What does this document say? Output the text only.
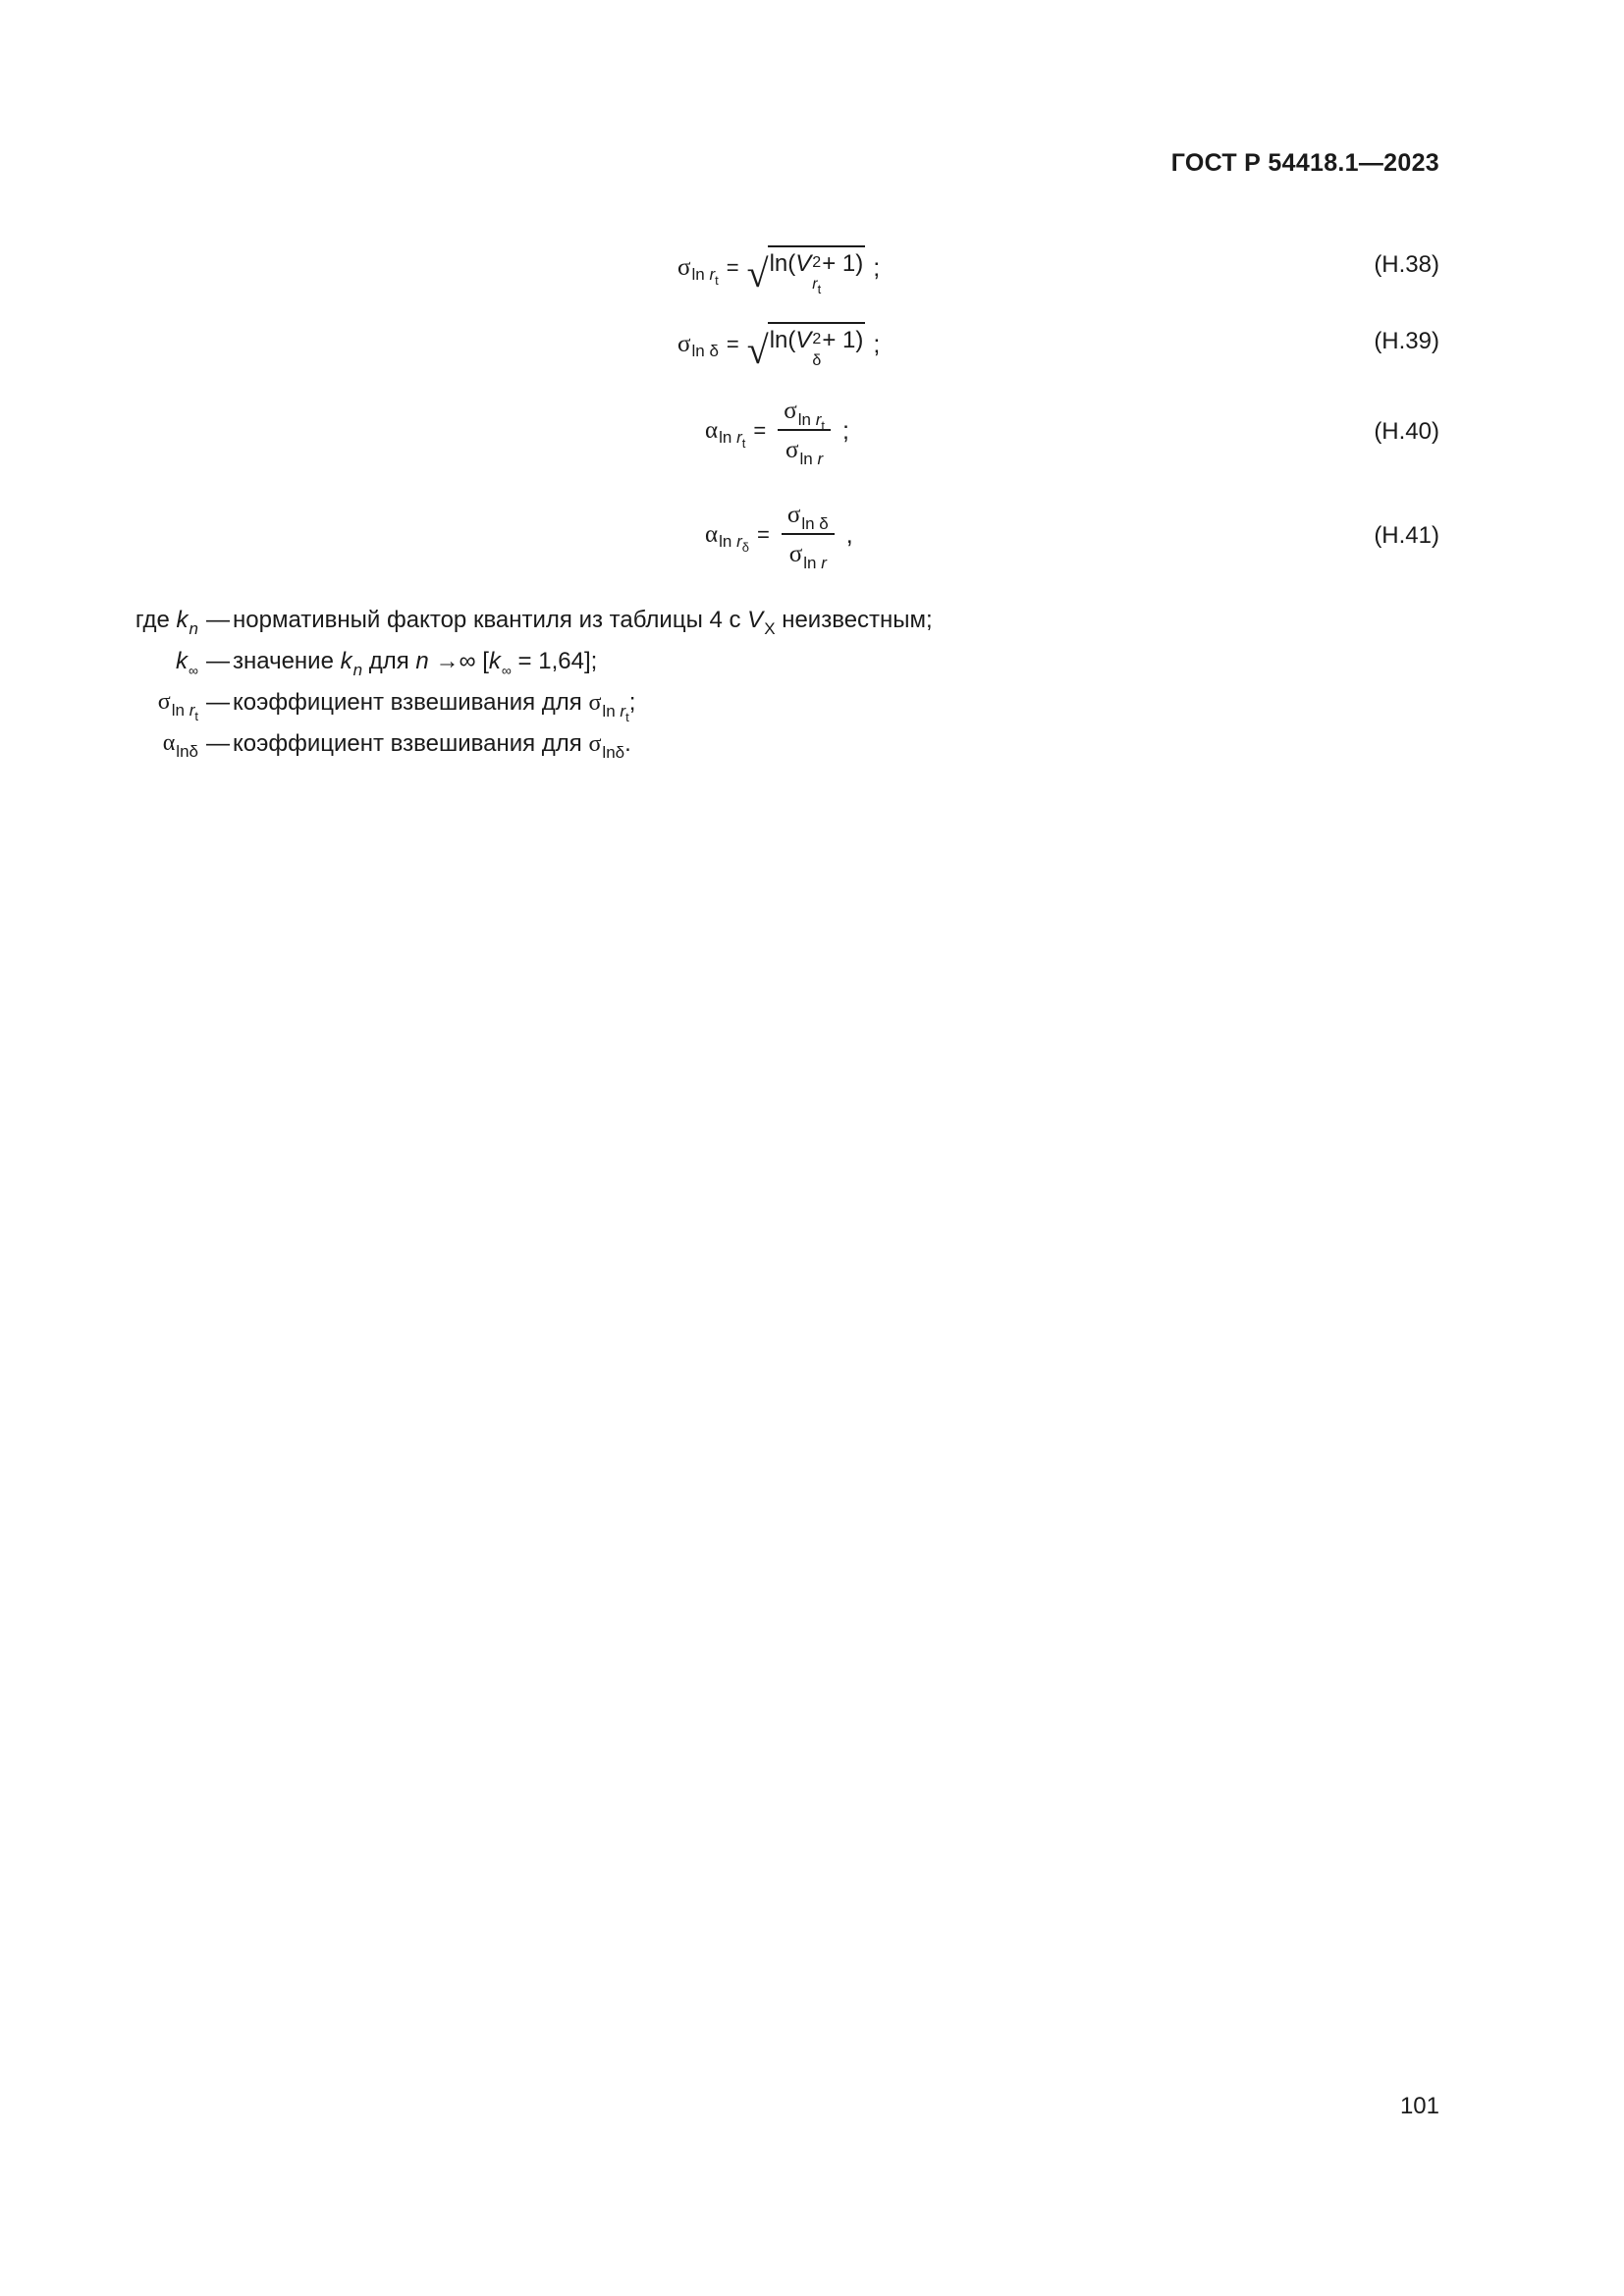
ГОСТ Р 54418.1—2023
σ $\ln r_t$
= √ ln( V 2
$r_t$
+ 1) ;	(H.38)
σ ln δ = √ ln( V 2
δ
+ 1) ;	(H.39)
α $\ln r_t$
= $\frac{\sigma \ln r_t}{\text{σ ln r}}$ ;	(H.40)
α $\ln r_\delta$
= $\frac{\text{σ ln δ}}{\text{σ ln r}}$ ,	(H.41)
где $k_n$ — нормативный фактор квантиля из таблицы 4 с $V_X$ неизвестным;
$k_\infty$ — значение $k_n$ для n →∞ $[k_\infty = 1,64]$;
$\sigma_{ln r_t}$
— коэффициент взвешивания для $\sigma_{ln r_t}$;
$\alpha_{ln\delta}$ — коэффициент взвешивания для $\sigma_{ln\delta}$.
101
